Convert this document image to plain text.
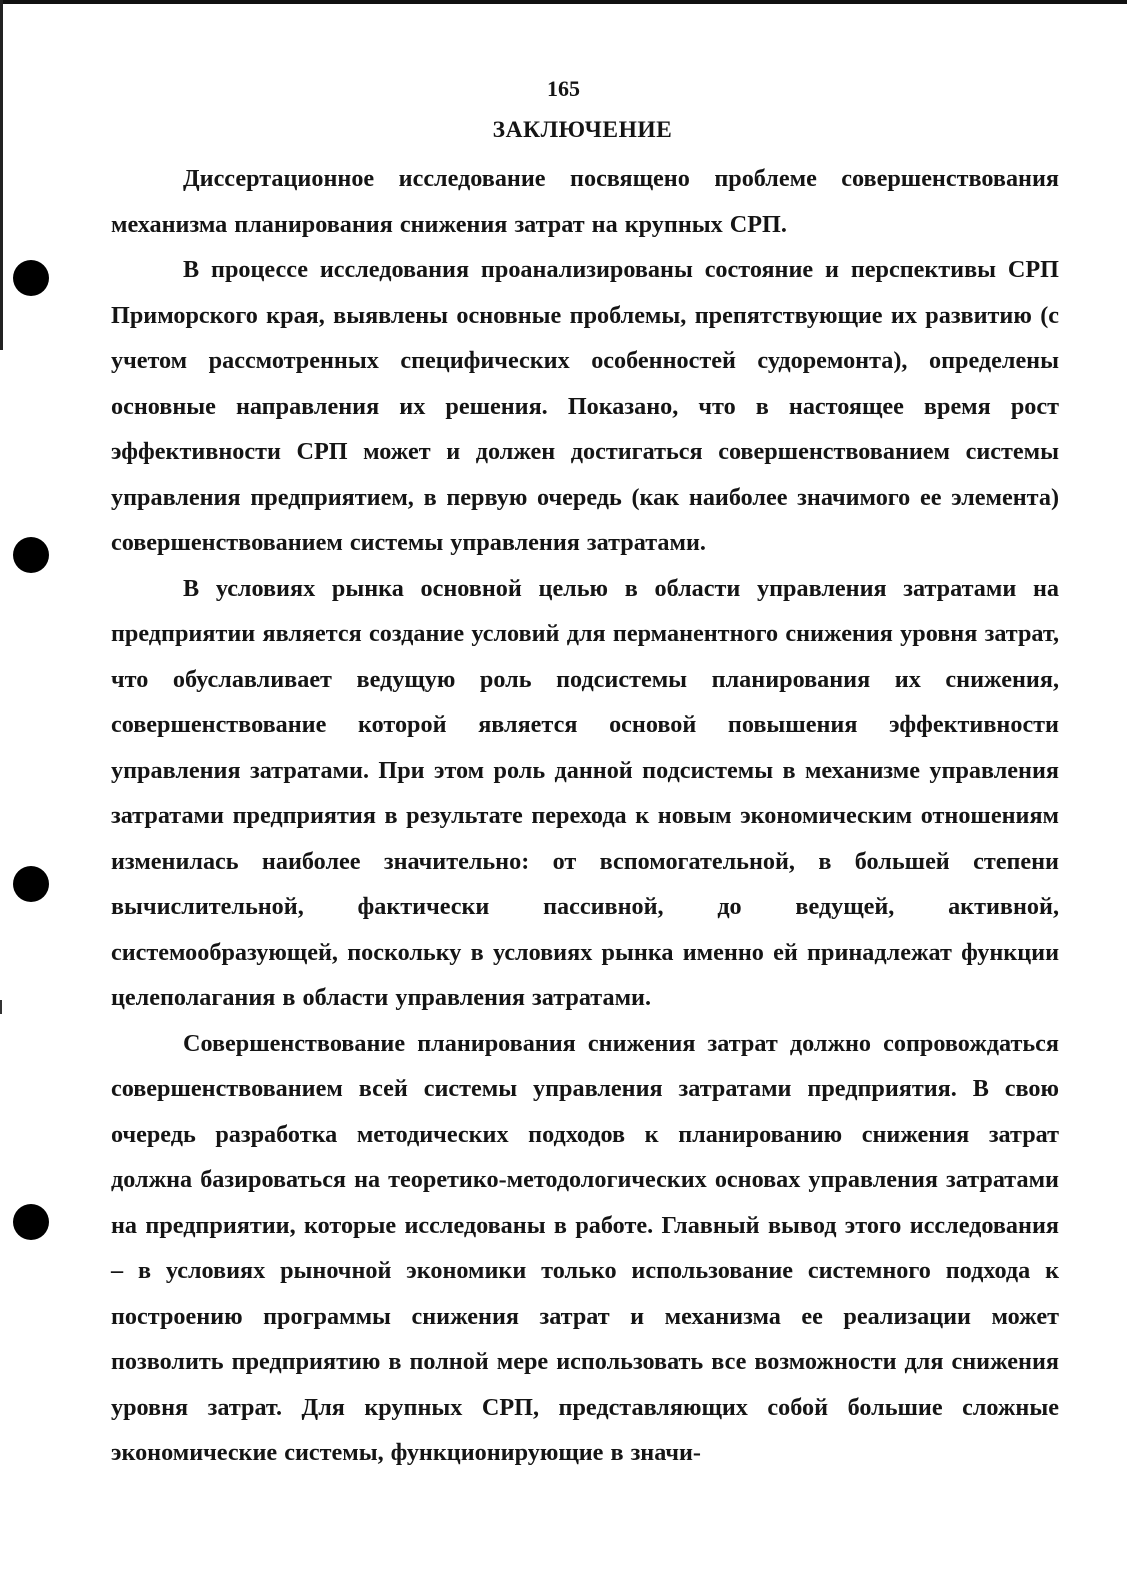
165
ЗАКЛЮЧЕНИЕ

Диссертационное исследование посвящено проблеме совершенствования механизма планирования снижения затрат на крупных СРП.

В процессе исследования проанализированы состояние и перспективы СРП Приморского края, выявлены основные проблемы, препятствующие их развитию (с учетом рассмотренных специфических особенностей судоремонта), определены основные направления их решения. Показано, что в настоящее время рост эффективности СРП может и должен достигаться совершенствованием системы управления предприятием, в первую очередь (как наиболее значимого ее элемента) совершенствованием системы управления затратами.

В условиях рынка основной целью в области управления затратами на предприятии является создание условий для перманентного снижения уровня затрат, что обуславливает ведущую роль подсистемы планирования их снижения, совершенствование которой является основой повышения эффективности управления затратами. При этом роль данной подсистемы в механизме управления затратами предприятия в результате перехода к новым экономическим отношениям изменилась наиболее значительно: от вспомогательной, в большей степени вычислительной, фактически пассивной, до ведущей, активной, системообразующей, поскольку в условиях рынка именно ей принадлежат функции целеполагания в области управления затратами.

Совершенствование планирования снижения затрат должно сопровождаться совершенствованием всей системы управления затратами предприятия. В свою очередь разработка методических подходов к планированию снижения затрат должна базироваться на теоретико-методологических основах управления затратами на предприятии, которые исследованы в работе. Главный вывод этого исследования – в условиях рыночной экономики только использование системного подхода к построению программы снижения затрат и механизма ее реализации может позволить предприятию в полной мере использовать все возможности для снижения уровня затрат. Для крупных СРП, представляющих собой большие сложные экономические системы, функционирующие в значи-
